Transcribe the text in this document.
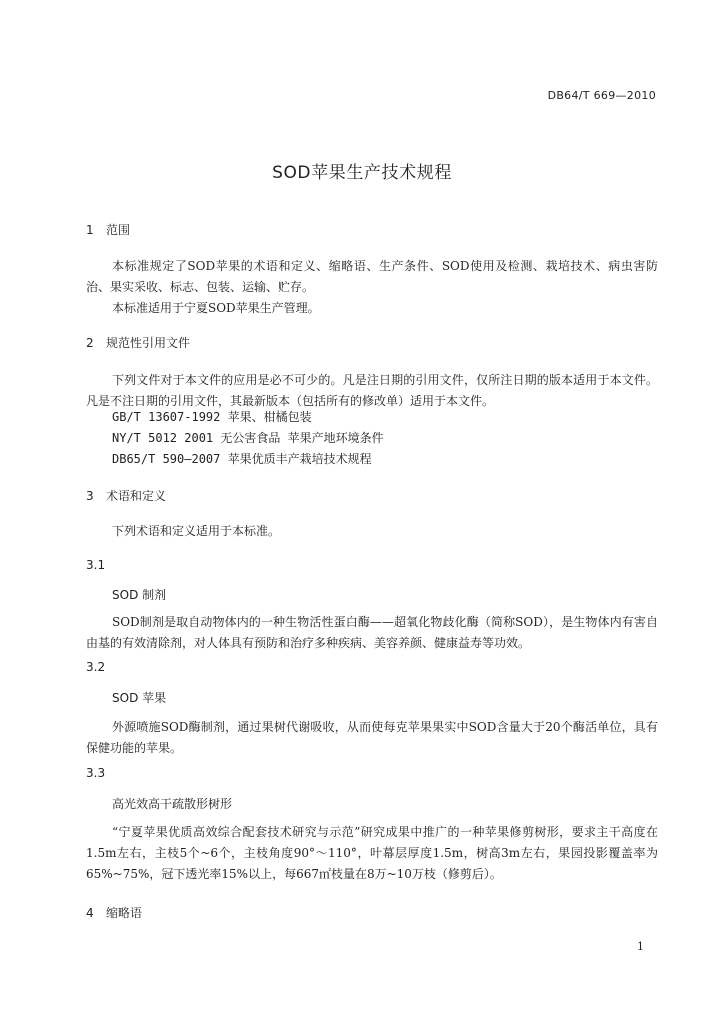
DB64/T 669—2010
SOD苹果生产技术规程
1 范围
本标准规定了SOD苹果的术语和定义、缩略语、生产条件、SOD使用及检测、栽培技术、病虫害防治、果实采收、标志、包装、运输、贮存。
本标准适用于宁夏SOD苹果生产管理。
2 规范性引用文件
下列文件对于本文件的应用是必不可少的。凡是注日期的引用文件，仅所注日期的版本适用于本文件。凡是不注日期的引用文件，其最新版本（包括所有的修改单）适用于本文件。
GB/T 13607-1992 苹果、柑橘包装
NY/T 5012 2001 无公害食品 苹果产地环境条件
DB65/T 590—2007 苹果优质丰产栽培技术规程
3 术语和定义
下列术语和定义适用于本标准。
3.1
SOD 制剂
SOD制剂是取自动物体内的一种生物活性蛋白酶——超氧化物歧化酶（简称SOD），是生物体内有害自由基的有效清除剂，对人体具有预防和治疗多种疾病、美容养颜、健康益寿等功效。
3.2
SOD 苹果
外源喷施SOD酶制剂，通过果树代谢吸收，从而使每克苹果果实中SOD含量大于20个酶活单位，具有保健功能的苹果。
3.3
高光效高干疏散形树形
“宁夏苹果优质高效综合配套技术研究与示范”研究成果中推广的一种苹果修剪树形，要求主干高度在1.5m左右，主枝5个~6个，主枝角度90°～110°，叶幕层厚度1.5m，树高3m左右，果园投影覆盖率为65%~75%，冠下透光率15%以上，每667㎡枝量在8万~10万枝（修剪后）。
4 缩略语
1
